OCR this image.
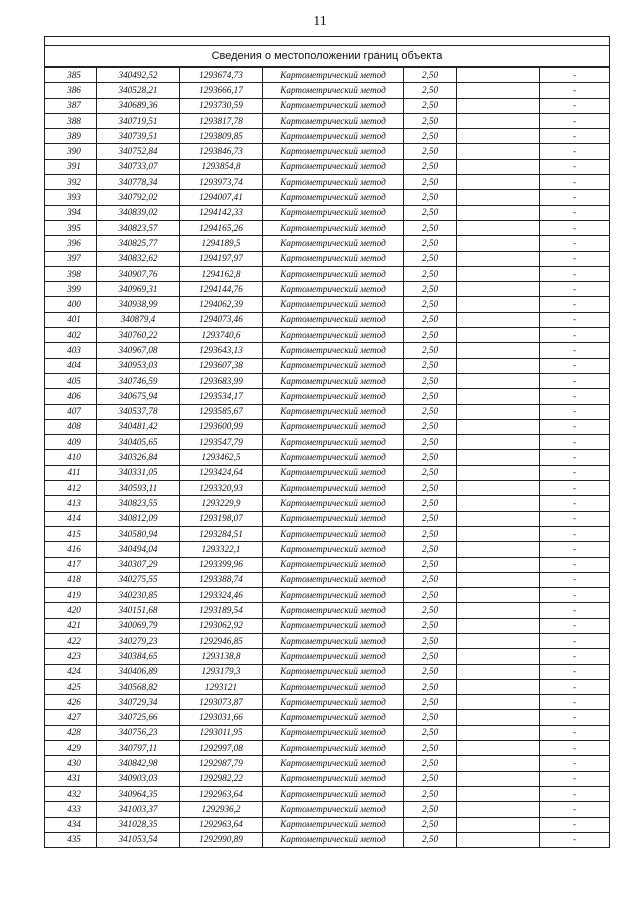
11
Сведения о местоположении границ объекта
385	340492,52	1293674,73	Картометрический метод	2,50		-
386	340528,21	1293666,17	Картометрический метод	2,50		-
387	340689,36	1293730,59	Картометрический метод	2,50		-
388	340719,51	1293817,78	Картометрический метод	2,50		-
389	340739,51	1293809,85	Картометрический метод	2,50		-
390	340752,84	1293846,73	Картометрический метод	2,50		-
391	340733,07	1293854,8	Картометрический метод	2,50		-
392	340778,34	1293973,74	Картометрический метод	2,50		-
393	340792,02	1294007,41	Картометрический метод	2,50		-
394	340839,02	1294142,33	Картометрический метод	2,50		-
395	340823,57	1294165,26	Картометрический метод	2,50		-
396	340825,77	1294189,5	Картометрический метод	2,50		-
397	340832,62	1294197,97	Картометрический метод	2,50		-
398	340907,76	1294162,8	Картометрический метод	2,50		-
399	340969,31	1294144,76	Картометрический метод	2,50		-
400	340938,99	1294062,39	Картометрический метод	2,50		-
401	340879,4	1294073,46	Картометрический метод	2,50		-
402	340760,22	1293740,6	Картометрический метод	2,50		-
403	340967,08	1293643,13	Картометрический метод	2,50		-
404	340953,03	1293607,38	Картометрический метод	2,50		-
405	340746,59	1293683,99	Картометрический метод	2,50		-
406	340675,94	1293534,17	Картометрический метод	2,50		-
407	340537,78	1293585,67	Картометрический метод	2,50		-
408	340481,42	1293600,99	Картометрический метод	2,50		-
409	340405,65	1293547,79	Картометрический метод	2,50		-
410	340326,84	1293462,5	Картометрический метод	2,50		-
411	340331,05	1293424,64	Картометрический метод	2,50		-
412	340593,11	1293320,93	Картометрический метод	2,50		-
413	340823,55	1293229,9	Картометрический метод	2,50		-
414	340812,09	1293198,07	Картометрический метод	2,50		-
415	340580,94	1293284,51	Картометрический метод	2,50		-
416	340494,04	1293322,1	Картометрический метод	2,50		-
417	340307,29	1293399,96	Картометрический метод	2,50		-
418	340275,55	1293388,74	Картометрический метод	2,50		-
419	340230,85	1293324,46	Картометрический метод	2,50		-
420	340151,68	1293189,54	Картометрический метод	2,50		-
421	340069,79	1293062,92	Картометрический метод	2,50		-
422	340279,23	1292946,85	Картометрический метод	2,50		-
423	340384,65	1293138,8	Картометрический метод	2,50		-
424	340406,89	1293179,3	Картометрический метод	2,50		-
425	340568,82	1293121	Картометрический метод	2,50		-
426	340729,34	1293073,87	Картометрический метод	2,50		-
427	340725,66	1293031,66	Картометрический метод	2,50		-
428	340756,23	1293011,95	Картометрический метод	2,50		-
429	340797,11	1292997,08	Картометрический метод	2,50		-
430	340842,98	1292987,79	Картометрический метод	2,50		-
431	340903,03	1292982,22	Картометрический метод	2,50		-
432	340964,35	1292963,64	Картометрический метод	2,50		-
433	341003,37	1292936,2	Картометрический метод	2,50		-
434	341028,35	1292963,64	Картометрический метод	2,50		-
435	341053,54	1292990,89	Картометрический метод	2,50		-
